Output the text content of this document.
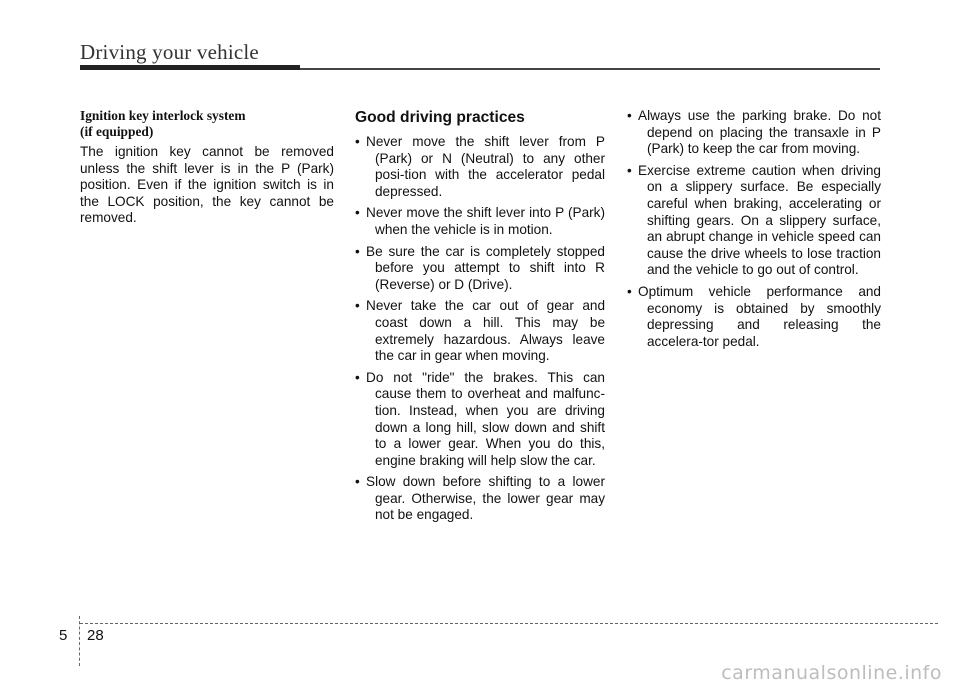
Driving your vehicle

Ignition key interlock system
(if equipped)

The ignition key cannot be removed unless the shift lever is in the P (Park) position. Even if the ignition switch is in the LOCK position, the key cannot be removed.

Good driving practices
• Never move the shift lever from P (Park) or N (Neutral) to any other posi-tion with the accelerator pedal depressed.
• Never move the shift lever into P (Park) when the vehicle is in motion.
• Be sure the car is completely stopped before you attempt to shift into R (Reverse) or D (Drive).
• Never take the car out of gear and coast down a hill. This may be extremely hazardous. Always leave the car in gear when moving.
• Do not "ride" the brakes. This can cause them to overheat and malfunc-tion. Instead, when you are driving down a long hill, slow down and shift to a lower gear. When you do this, engine braking will help slow the car.
• Slow down before shifting to a lower gear. Otherwise, the lower gear may not be engaged.
• Always use the parking brake. Do not depend on placing the transaxle in P (Park) to keep the car from moving.
• Exercise extreme caution when driving on a slippery surface. Be especially careful when braking, accelerating or shifting gears. On a slippery surface, an abrupt change in vehicle speed can cause the drive wheels to lose traction and the vehicle to go out of control.
• Optimum vehicle performance and economy is obtained by smoothly depressing and releasing the accelera-tor pedal.
5 28
carmanualsonline.info
